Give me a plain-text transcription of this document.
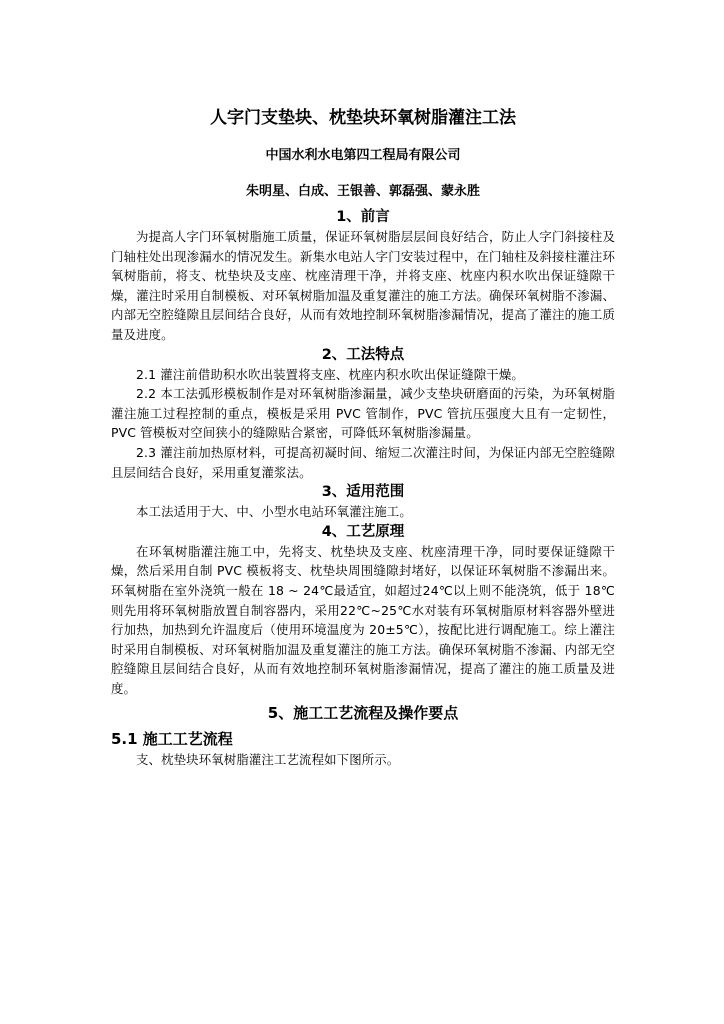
人字门支垫块、枕垫块环氧树脂灌注工法
中国水利水电第四工程局有限公司
朱明星、白成、王银善、郭磊强、蒙永胜
1、前言

为提高人字门环氧树脂施工质量，保证环氧树脂层层间良好结合，防止人字门斜接柱及门轴柱处出现渗漏水的情况发生。新集水电站人字门安装过程中，在门轴柱及斜接柱灌注环氧树脂前，将支、枕垫块及支座、枕座清理干净，并将支座、枕座内积水吹出保证缝隙干燥，灌注时采用自制模板、对环氧树脂加温及重复灌注的施工方法。确保环氧树脂不渗漏、内部无空腔缝隙且层间结合良好，从而有效地控制环氧树脂渗漏情况，提高了灌注的施工质量及进度。

2、工法特点

2.1 灌注前借助积水吹出装置将支座、枕座内积水吹出保证缝隙干燥。

2.2 本工法弧形模板制作是对环氧树脂渗漏量，减少支垫块研磨面的污染，为环氧树脂灌注施工过程控制的重点，模板是采用 PVC 管制作，PVC 管抗压强度大且有一定韧性，PVC 管模板对空间狭小的缝隙贴合紧密，可降低环氧树脂渗漏量。

2.3 灌注前加热原材料，可提高初凝时间、缩短二次灌注时间，为保证内部无空腔缝隙且层间结合良好，采用重复灌浆法。

3、适用范围

本工法适用于大、中、小型水电站环氧灌注施工。

4、工艺原理

在环氧树脂灌注施工中，先将支、枕垫块及支座、枕座清理干净，同时要保证缝隙干燥，然后采用自制 PVC 模板将支、枕垫块周围缝隙封堵好，以保证环氧树脂不渗漏出来。环氧树脂在室外浇筑一般在 18 ~ 24℃最适宜，如超过24℃以上则不能浇筑，低于 18℃则先用将环氧树脂放置自制容器内，采用22℃~25℃水对装有环氧树脂原材料容器外壁进行加热，加热到允许温度后（使用环境温度为 20±5℃），按配比进行调配施工。综上灌注时采用自制模板、对环氧树脂加温及重复灌注的施工方法。确保环氧树脂不渗漏、内部无空腔缝隙且层间结合良好，从而有效地控制环氧树脂渗漏情况，提高了灌注的施工质量及进度。

5、施工工艺流程及操作要点
5.1 施工工艺流程

支、枕垫块环氧树脂灌注工艺流程如下图所示。
